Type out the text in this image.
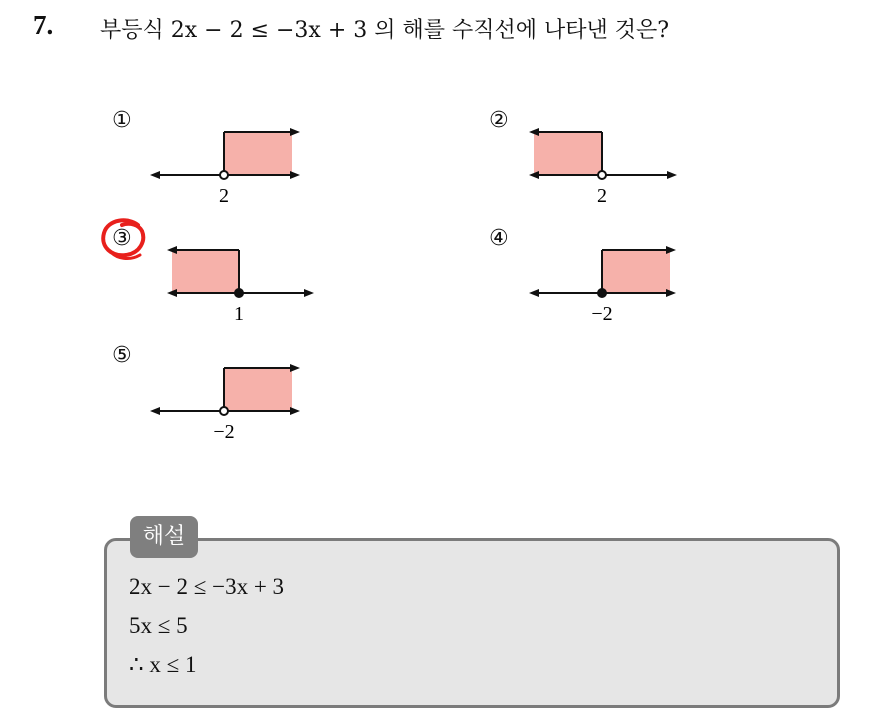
7. 부등식 2x − 2 ≤ −3x + 3 의 해를 수직선에 나타낸 것은?
①
2
②
2
③
1
④
−2
⑤
−2
해설
2x − 2 ≤ −3x + 3
5x ≤ 5
∴ x ≤ 1
